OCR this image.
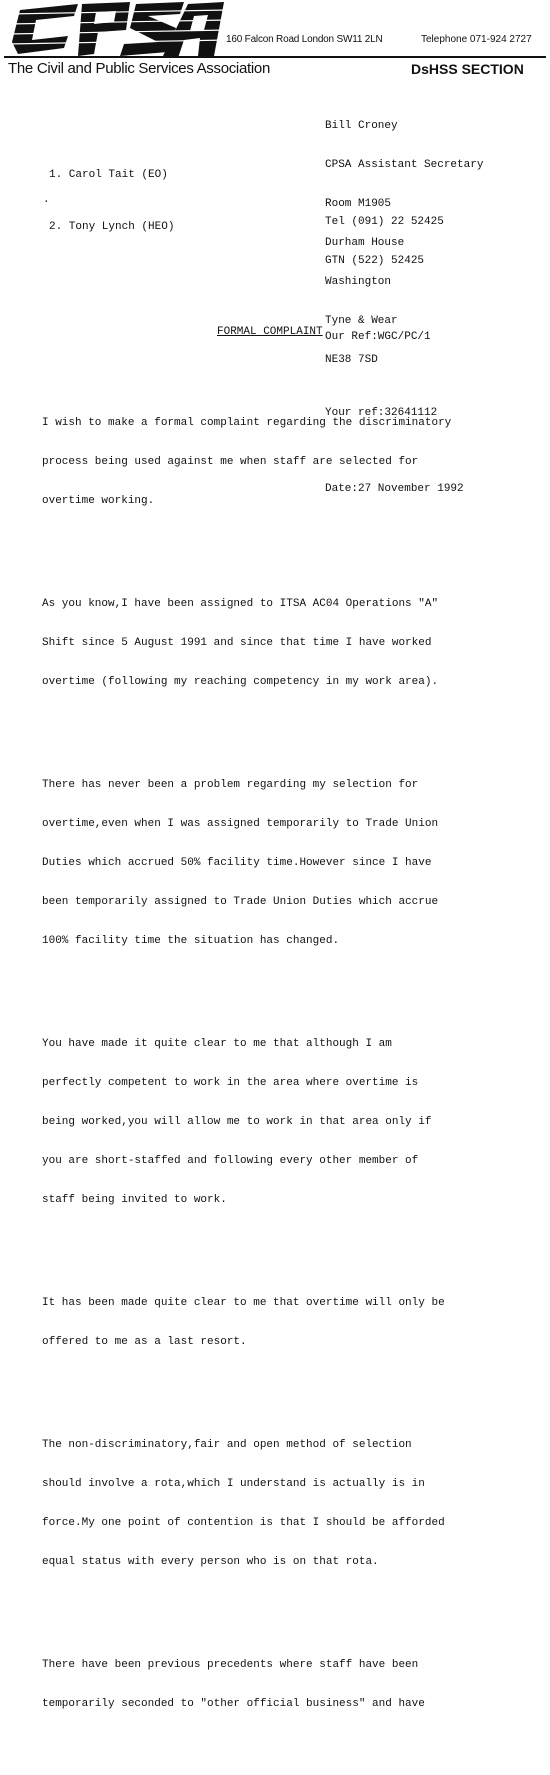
160 Falcon Road London SW11 2LN	Telephone 071-924 2727
The Civil and Public Services Association	DsHSS SECTION

Bill Croney

CPSA Assistant Secretary

Room M1905

Durham House

Washington

Tyne & Wear

NE38 7SD

1. Carol Tait (EO)

2. Tony Lynch (HEO)

.

Tel (091) 22 52425

GTN (522) 52425

Our Ref:WGC/PC/1

Your ref:32641112

Date:27 November 1992

FORMAL COMPLAINT

I wish to make a formal complaint regarding the discriminatory

process being used against me when staff are selected for

overtime working.

As you know,I have been assigned to ITSA AC04 Operations "A"

Shift since 5 August 1991 and since that time I have worked

overtime (following my reaching competency in my work area).

There has never been a problem regarding my selection for

overtime,even when I was assigned temporarily to Trade Union

Duties which accrued 50% facility time.However since I have

been temporarily assigned to Trade Union Duties which accrue

100% facility time the situation has changed.

You have made it quite clear to me that although I am

perfectly competent to work in the area where overtime is

being worked,you will allow me to work in that area only if

you are short-staffed and following every other member of

staff being invited to work.

It has been made quite clear to me that overtime will only be

offered to me as a last resort.

The non-discriminatory,fair and open method of selection

should involve a rota,which I understand is actually is in

force.My one point of contention is that I should be afforded

equal status with every person who is on that rota.

There have been previous precedents where staff have been

temporarily seconded to "other official business" and have
